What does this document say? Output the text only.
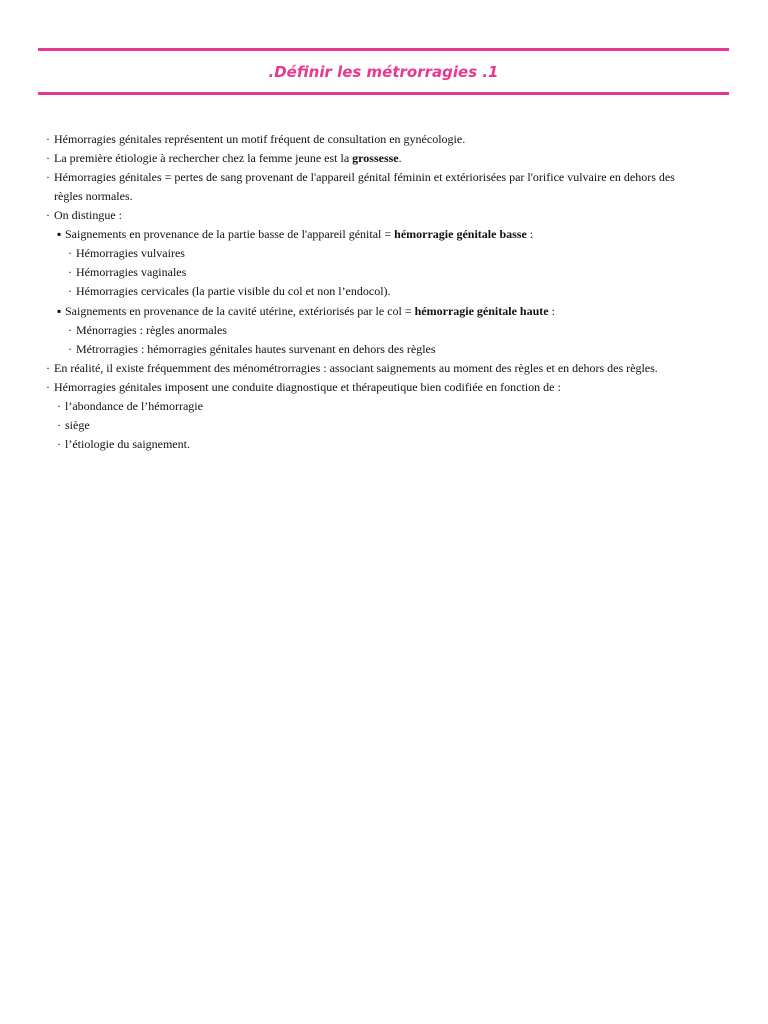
.Définir les métrorragies .1
· Hémorragies génitales représentent un motif fréquent de consultation en gynécologie.
· La première étiologie à rechercher chez la femme jeune est la grossesse.
· Hémorragies génitales = pertes de sang provenant de l'appareil génital féminin et extériorisées par l'orifice vulvaire en dehors des règles normales.
· On distingue :
▪ Saignements en provenance de la partie basse de l'appareil génital = hémorragie génitale basse :
· Hémorragies vulvaires
· Hémorragies vaginales
· Hémorragies cervicales (la partie visible du col et non l’endocol).
▪ Saignements en provenance de la cavité utérine, extériorisés par le col = hémorragie génitale haute :
· Ménorragies : règles anormales
· Métrorragies : hémorragies génitales hautes survenant en dehors des règles
· En réalité, il existe fréquemment des ménométrorragies : associant saignements au moment des règles et en dehors des règles.
· Hémorragies génitales imposent une conduite diagnostique et thérapeutique bien codifiée en fonction de :
· l’abondance de l’hémorragie
· siège
· l’étiologie du saignement.
